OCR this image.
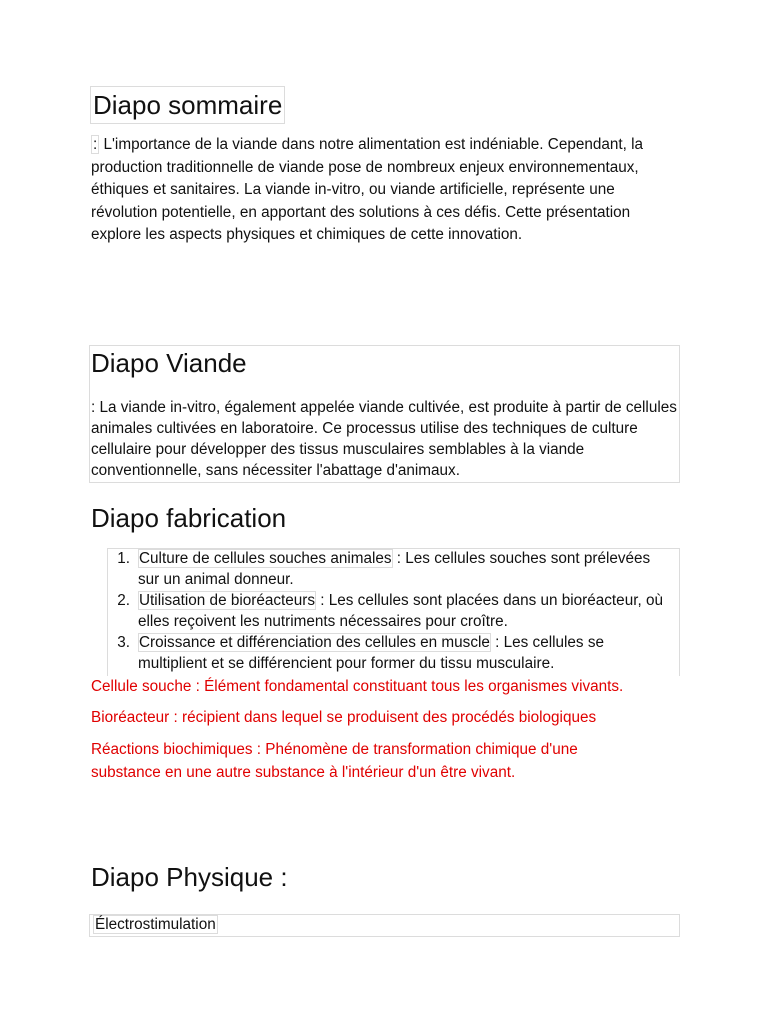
Diapo sommaire
: L'importance de la viande dans notre alimentation est indéniable. Cependant, la production traditionnelle de viande pose de nombreux enjeux environnementaux, éthiques et sanitaires. La viande in-vitro, ou viande artificielle, représente une révolution potentielle, en apportant des solutions à ces défis. Cette présentation explore les aspects physiques et chimiques de cette innovation.
Diapo Viande
: La viande in-vitro, également appelée viande cultivée, est produite à partir de cellules animales cultivées en laboratoire. Ce processus utilise des techniques de culture cellulaire pour développer des tissus musculaires semblables à la viande conventionnelle, sans nécessiter l'abattage d'animaux.
Diapo fabrication
1. Culture de cellules souches animales : Les cellules souches sont prélevées sur un animal donneur.
2. Utilisation de bioréacteurs : Les cellules sont placées dans un bioréacteur, où elles reçoivent les nutriments nécessaires pour croître.
3. Croissance et différenciation des cellules en muscle : Les cellules se multiplient et se différencient pour former du tissu musculaire.
Cellule souche : Élément fondamental constituant tous les organismes vivants.
Bioréacteur : récipient dans lequel se produisent des procédés biologiques
Réactions biochimiques : Phénomène de transformation chimique d'une substance en une autre substance à l'intérieur d'un être vivant.
Diapo Physique :
Électrostimulation
